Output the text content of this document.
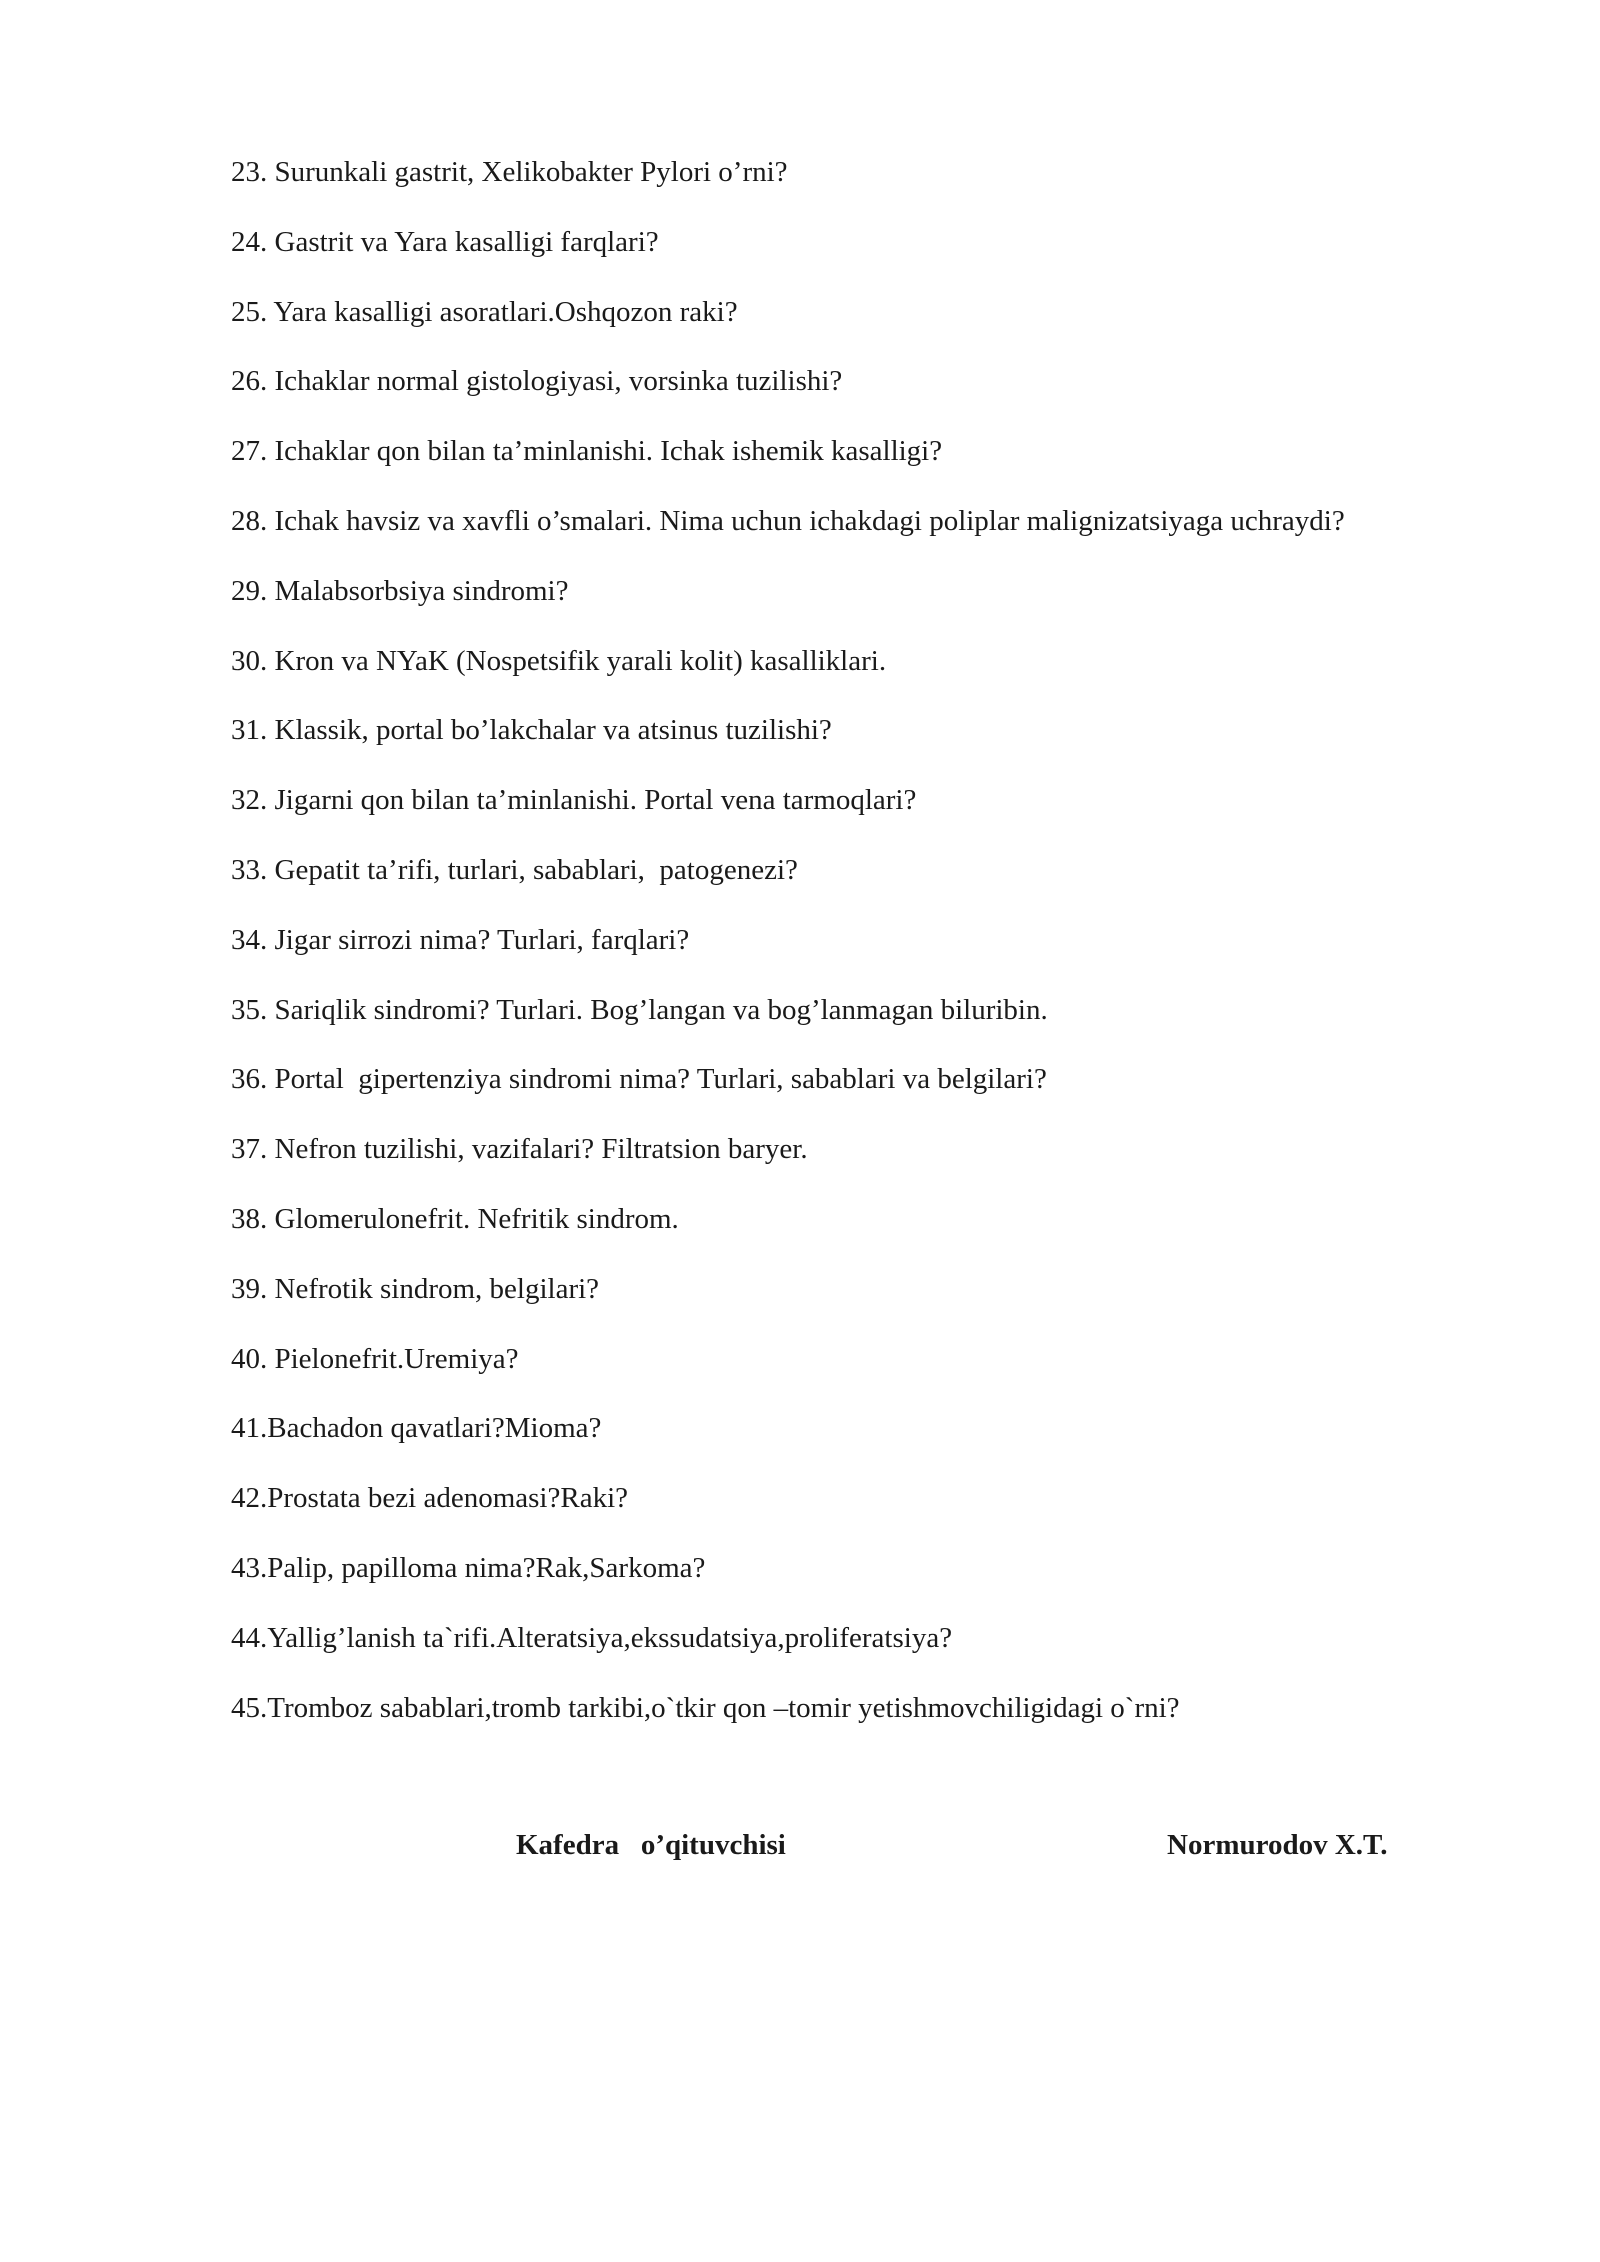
23. Surunkali gastrit, Xelikobakter Pylori o’rni?
24. Gastrit va Yara kasalligi farqlari?
25. Yara kasalligi asoratlari.Oshqozon raki?
26. Ichaklar normal gistologiyasi, vorsinka tuzilishi?
27. Ichaklar qon bilan ta’minlanishi. Ichak ishemik kasalligi?
28. Ichak havsiz va xavfli o’smalari. Nima uchun ichakdagi poliplar malignizatsiyaga uchraydi?
29. Malabsorbsiya sindromi?
30. Kron va NYaK (Nospetsifik yarali kolit) kasalliklari.
31. Klassik, portal bo’lakchalar va atsinus tuzilishi?
32. Jigarni qon bilan ta’minlanishi. Portal vena tarmoqlari?
33. Gepatit ta’rifi, turlari, sabablari,  patogenezi?
34. Jigar sirrozi nima? Turlari, farqlari?
35. Sariqlik sindromi? Turlari. Bog’langan va bog’lanmagan biluribin.
36. Portal  gipertenziya sindromi nima? Turlari, sabablari va belgilari?
37. Nefron tuzilishi, vazifalari? Filtratsion baryer.
38. Glomerulonefrit. Nefritik sindrom.
39. Nefrotik sindrom, belgilari?
40. Pielonefrit.Uremiya?
41.Bachadon qavatlari?Mioma?
42.Prostata bezi adenomasi?Raki?
43.Palip, papilloma nima?Rak,Sarkoma?
44.Yallig’lanish ta`rifi.Alteratsiya,ekssudatsiya,proliferatsiya?
45.Tromboz sabablari,tromb tarkibi,o`tkir qon –tomir yetishmovchiligidagi o`rni?
Kafedra   o’qituvchisi	Normurodov X.T.
